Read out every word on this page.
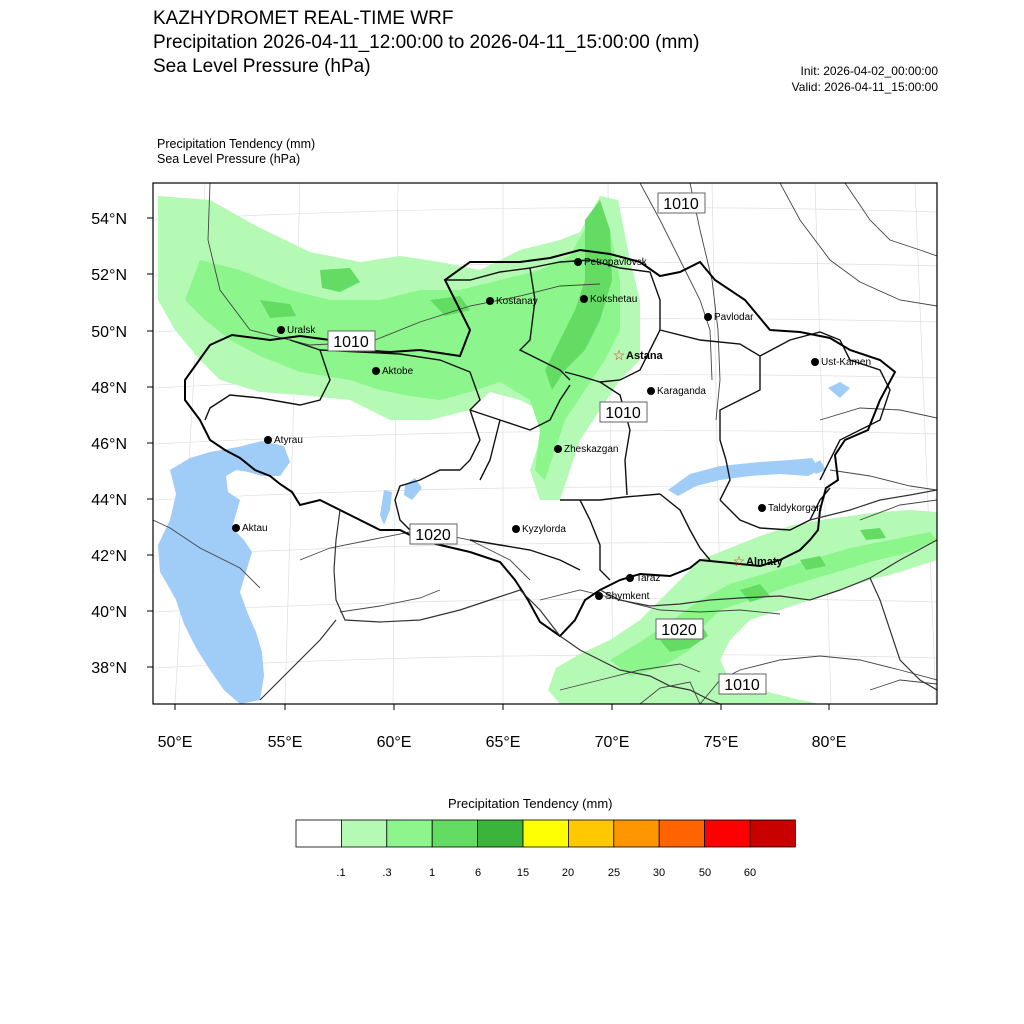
KAZHYDROMET REAL-TIME WRF
Precipitation 2026-04-11_12:00:00 to 2026-04-11_15:00:00 (mm)
Sea Level Pressure (hPa)	Init: 2026-04-02_00:00:00
Valid: 2026-04-11_15:00:00
Precipitation Tendency (mm)
Sea Level Pressure (hPa)
54°N
52°N
50°N
48°N
46°N
44°N
42°N
40°N
38°N
50°E	55°E	60°E	65°E	70°E	75°E	80°E
1010
1010
1010
1020
1020
1010
Petropavlovsk
Kostanay	Kokshetau
Pavlodar
Uralsk
Aktobe
☆ Astana
Ust-Kamen
Karaganda
Atyrau
Zheskazgan
Aktau	Kyzylorda
Taldykorgan
☆ Almaty
Taraz
Shymkent
Precipitation Tendency (mm)
.1	.3	1	6	15	20	25	30	50	60
